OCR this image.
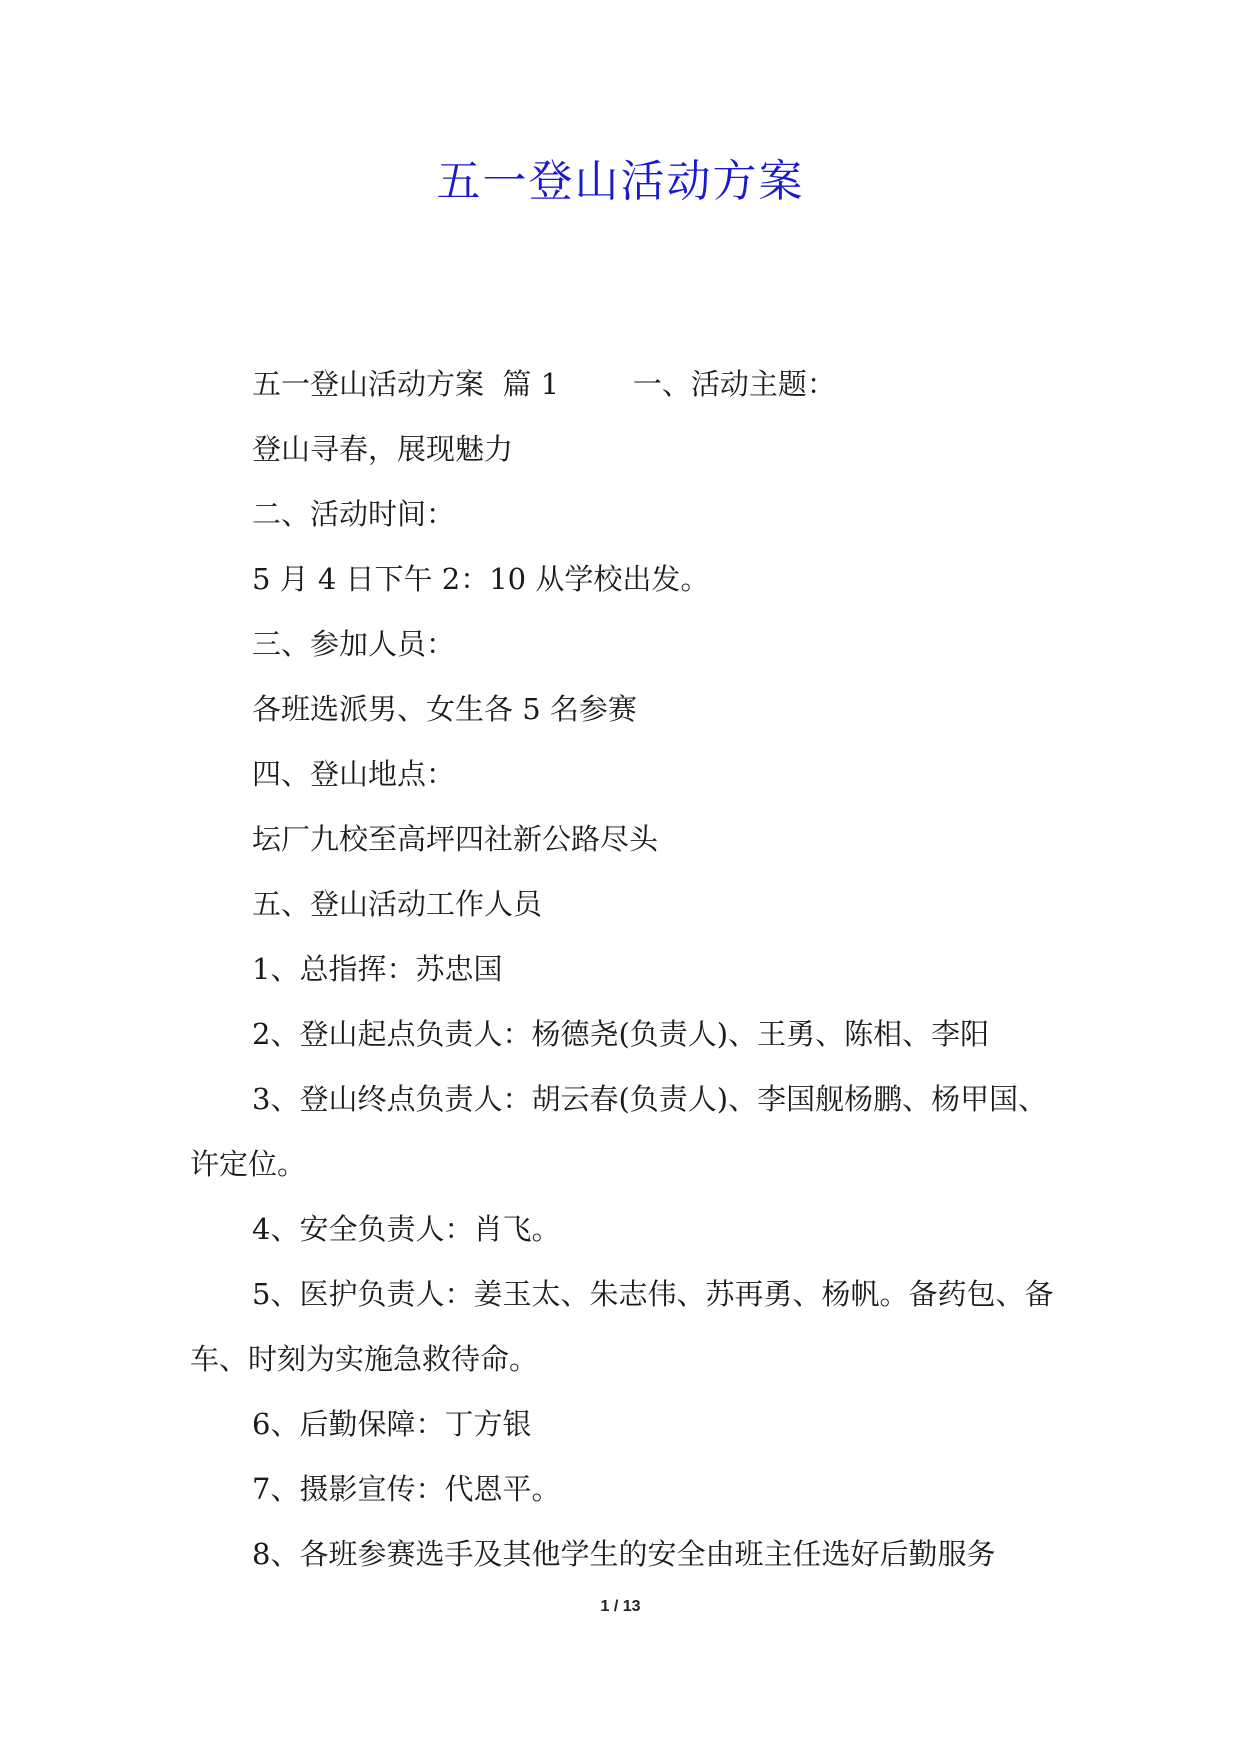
五一登山活动方案

五一登山活动方案  篇 1        一、活动主题：

登山寻春，展现魅力

二、活动时间：

5 月 4 日下午 2：10 从学校出发。

三、参加人员：

各班选派男、女生各 5 名参赛

四、登山地点：

坛厂九校至高坪四社新公路尽头

五、登山活动工作人员

1、总指挥：苏忠国

2、登山起点负责人：杨德尧(负责人)、王勇、陈相、李阳

3、登山终点负责人：胡云春(负责人)、李国舰杨鹏、杨甲国、许定位。

4、安全负责人：肖飞。

5、医护负责人：姜玉太、朱志伟、苏再勇、杨帆。备药包、备车、时刻为实施急救待命。

6、后勤保障：丁方银

7、摄影宣传：代恩平。

8、各班参赛选手及其他学生的安全由班主任选好后勤服务

1 / 13
